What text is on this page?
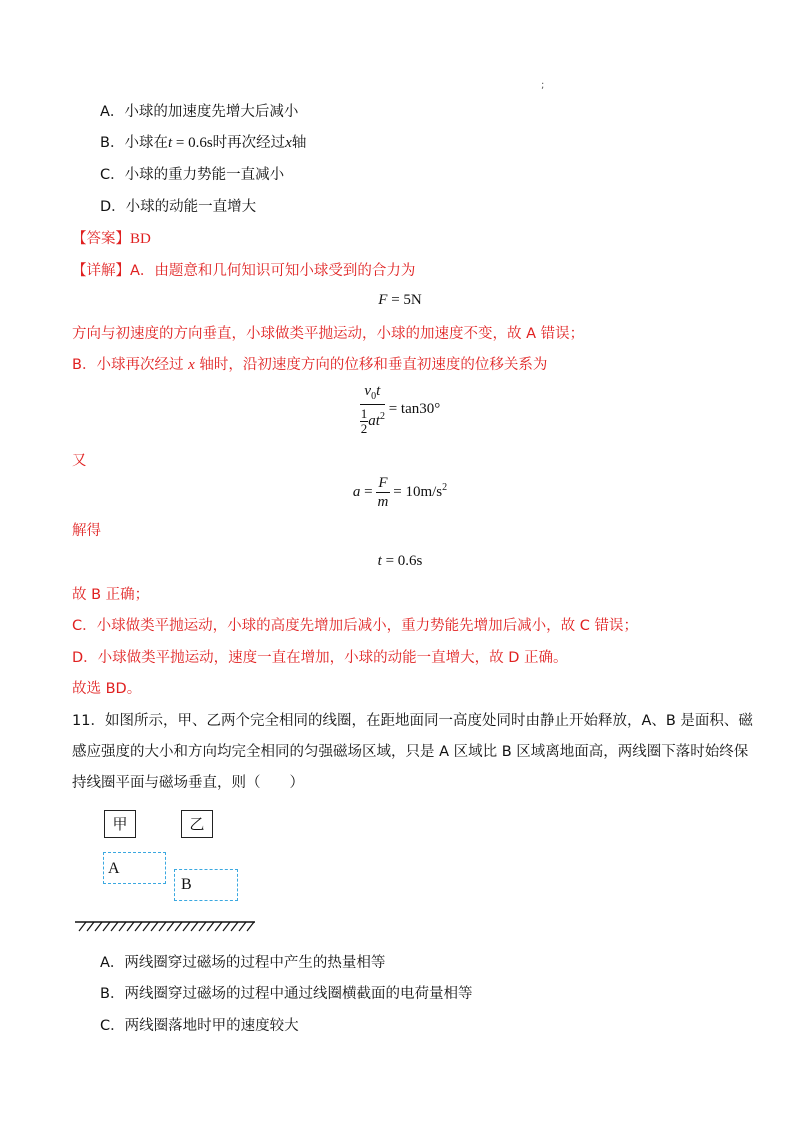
;
A．小球的加速度先增大后减小
B．小球在t = 0.6s时再次经过x轴
C．小球的重力势能一直减小
D．小球的动能一直增大
【答案】BD
【详解】A．由题意和几何知识可知小球受到的合力为
F = 5N
方向与初速度的方向垂直，小球做类平抛运动，小球的加速度不变，故 A 错误；
B．小球再次经过 x 轴时，沿初速度方向的位移和垂直初速度的位移关系为
$\frac{v_0t}{\frac{1}{2} at^2} = \tan 30^\circ$
又
$a = \frac{F}{m} = 10m/s^2$
解得
t = 0.6s
故 B 正确；
C．小球做类平抛运动，小球的高度先增加后减小，重力势能先增加后减小，故 C 错误；
D．小球做类平抛运动，速度一直在增加，小球的动能一直增大，故 D 正确。
故选 BD。
11．如图所示，甲、乙两个完全相同的线圈，在距地面同一高度处同时由静止开始释放，A、B 是面积、磁
感应强度的大小和方向均完全相同的匀强磁场区域，只是 A 区域比 B 区域离地面高，两线圈下落时始终保
持线圈平面与磁场垂直，则（　　）
甲	乙
A
B
A．两线圈穿过磁场的过程中产生的热量相等
B．两线圈穿过磁场的过程中通过线圈横截面的电荷量相等
C．两线圈落地时甲的速度较大
